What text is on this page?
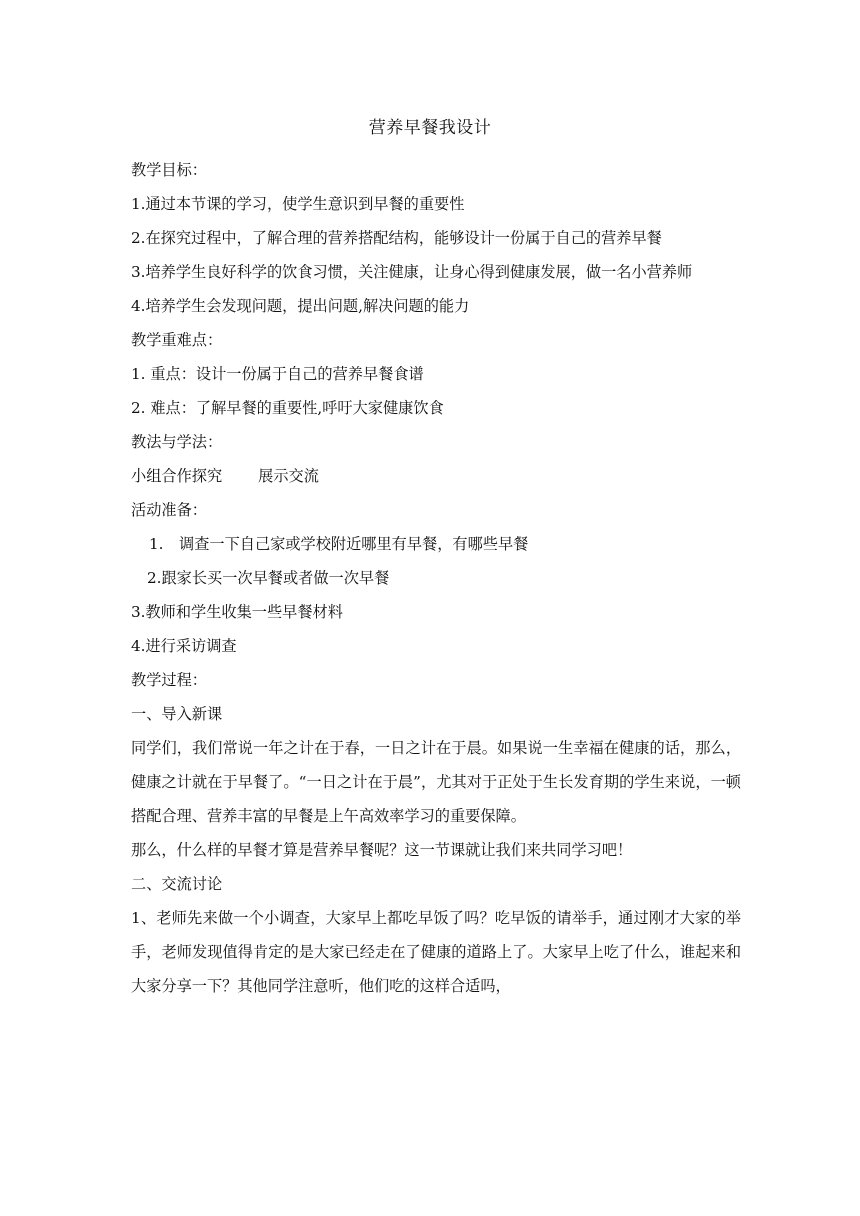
营养早餐我设计
教学目标：
1.通过本节课的学习，使学生意识到早餐的重要性
2.在探究过程中，了解合理的营养搭配结构，能够设计一份属于自己的营养早餐
3.培养学生良好科学的饮食习惯，关注健康，让身心得到健康发展，做一名小营养师
4.培养学生会发现问题，提出问题,解决问题的能力
教学重难点：
1. 重点：设计一份属于自己的营养早餐食谱
2. 难点：了解早餐的重要性,呼吁大家健康饮食
教法与学法：
小组合作探究 展示交流
活动准备：
1. 调查一下自己家或学校附近哪里有早餐，有哪些早餐
2.跟家长买一次早餐或者做一次早餐
3.教师和学生收集一些早餐材料
4.进行采访调查
教学过程：
一、导入新课
同学们，我们常说一年之计在于春，一日之计在于晨。如果说一生幸福在健康的话，那么，健康之计就在于早餐了。“一日之计在于晨”，尤其对于正处于生长发育期的学生来说，一顿搭配合理、营养丰富的早餐是上午高效率学习的重要保障。
那么，什么样的早餐才算是营养早餐呢？这一节课就让我们来共同学习吧！
二、交流讨论
1、老师先来做一个小调查，大家早上都吃早饭了吗？吃早饭的请举手，通过刚才大家的举手，老师发现值得肯定的是大家已经走在了健康的道路上了。大家早上吃了什么，谁起来和大家分享一下？其他同学注意听，他们吃的这样合适吗，
